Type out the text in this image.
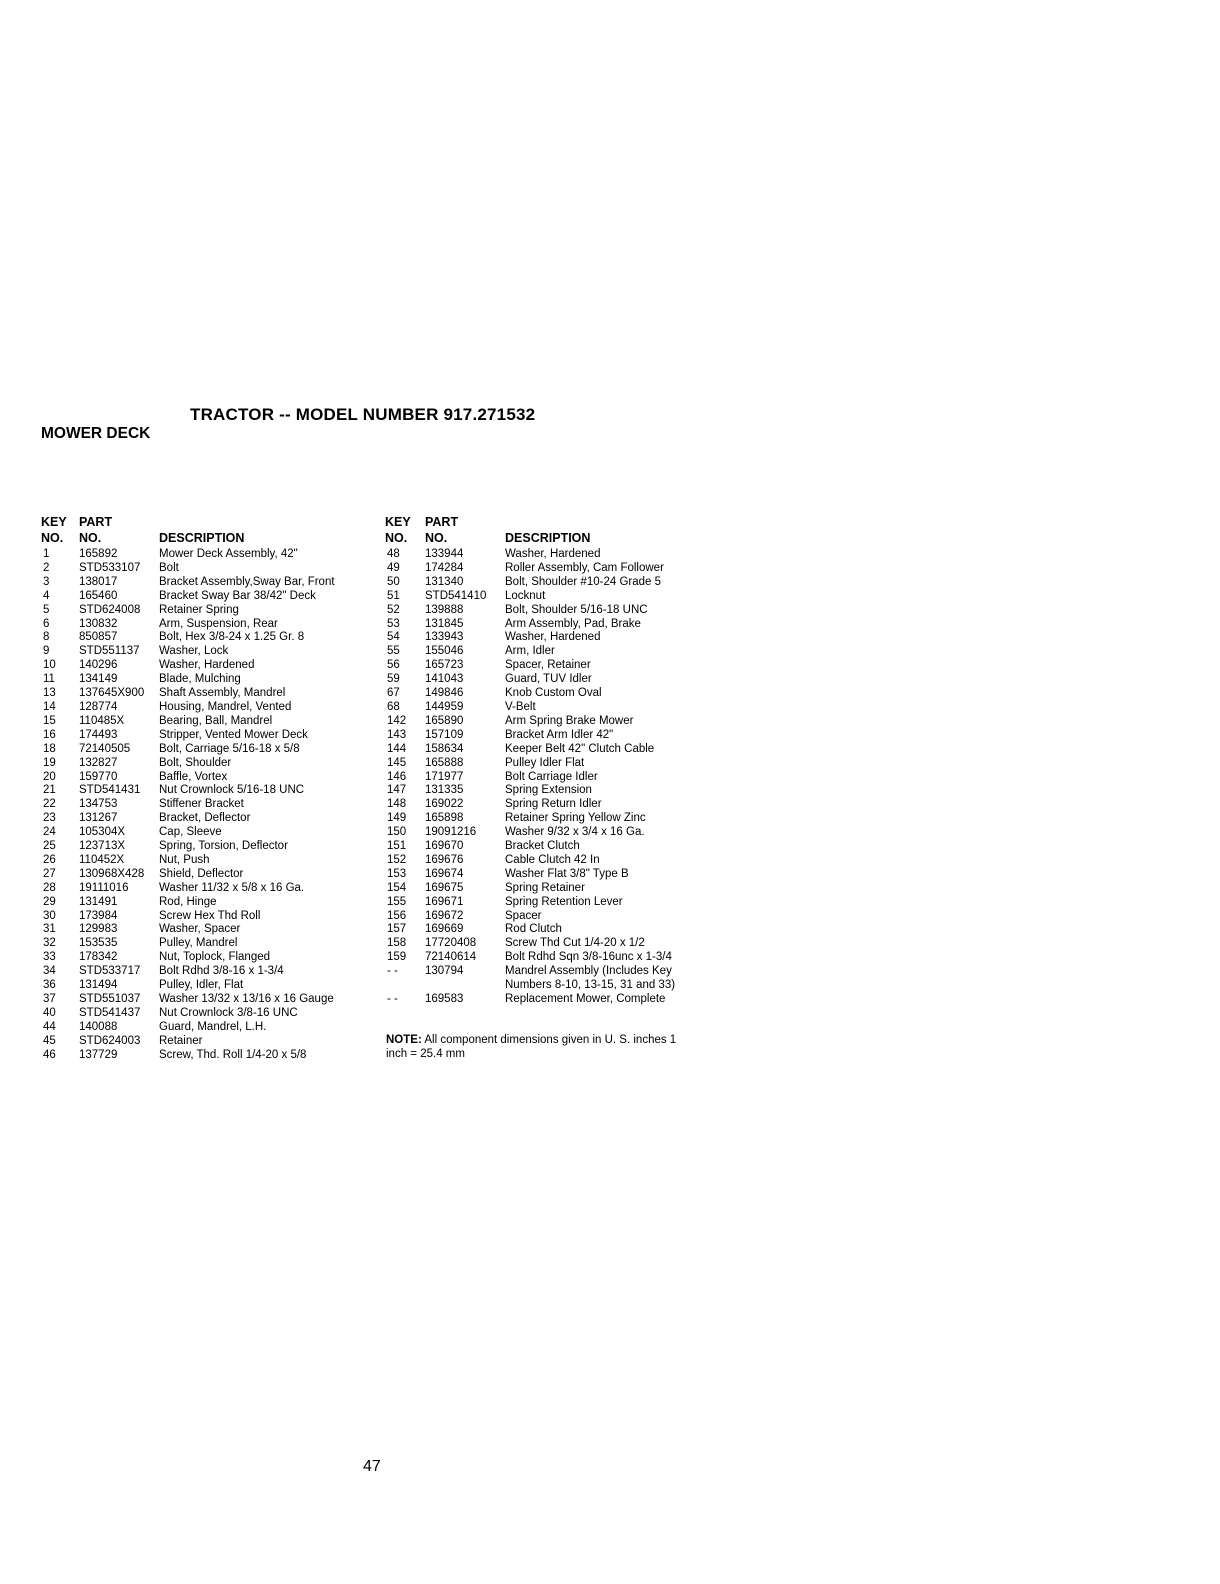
TRACTOR -- MODEL NUMBER 917.271532
MOWER DECK
KEY
NO.
PART
NO.	DESCRIPTION
1	165892	Mower Deck Assembly, 42"
2	STD533107 Bolt
3	138017	Bracket Assembly,Sway Bar, Front
4	165460	Bracket Sway Bar 38/42" Deck
5	STD624008 Retainer Spring
6	130832	Arm, Suspension, Rear
8	850857	Bolt, Hex 3/8-24 x 1.25 Gr. 8
9	STD551137 Washer, Lock
10 140296	Washer, Hardened
11 134149	Blade, Mulching
13 137645X900 Shaft Assembly, Mandrel
14 128774	Housing, Mandrel, Vented
15 110485X	Bearing, Ball, Mandrel
16 174493	Stripper, Vented Mower Deck
18 72140505	Bolt, Carriage 5/16-18 x 5/8
19 132827	Bolt, Shoulder
20 159770	Baffle, Vortex
21 STD541431 Nut Crownlock 5/16-18 UNC
22 134753	Stiffener Bracket
23 131267	Bracket, Deflector
24 105304X	Cap, Sleeve
25 123713X	Spring, Torsion, Deflector
26 110452X	Nut, Push
27 130968X428 Shield, Deflector
28 19111016	Washer 11/32 x 5/8 x 16 Ga.
29 131491	Rod, Hinge
30 173984	Screw Hex Thd Roll
31 129983	Washer, Spacer
32 153535	Pulley, Mandrel
33 178342	Nut, Toplock, Flanged
34 STD533717 Bolt Rdhd 3/8-16 x 1-3/4
36 131494	Pulley, Idler, Flat
37 STD551037 Washer 13/32 x 13/16 x 16 Gauge
40 STD541437 Nut Crownlock 3/8-16 UNC
44 140088	Guard, Mandrel, L.H.
45 STD624003 Retainer
46 137729	Screw, Thd. Roll 1/4-20 x 5/8
KEY
NO.
PART
NO.	DESCRIPTION
48 133944	Washer, Hardened
49 174284	Roller Assembly, Cam Follower
50 131340	Bolt, Shoulder #10-24 Grade 5
51 STD541410 Locknut
52 139888	Bolt, Shoulder 5/16-18 UNC
53 131845	Arm Assembly, Pad, Brake
54 133943	Washer, Hardened
55 155046	Arm, Idler
56 165723	Spacer, Retainer
59 141043	Guard, TUV Idler
67 149846	Knob Custom Oval
68 144959	V-Belt
142 165890	Arm Spring Brake Mower
143 157109	Bracket Arm Idler 42"
144 158634	Keeper Belt 42" Clutch Cable
145 165888	Pulley Idler Flat
146 171977	Bolt Carriage Idler
147 131335	Spring Extension
148 169022	Spring Return Idler
149 165898	Retainer Spring Yellow Zinc
150 19091216	Washer 9/32 x 3/4 x 16 Ga.
151 169670	Bracket Clutch
152 169676	Cable Clutch 42 In
153 169674	Washer Flat 3/8" Type B
154 169675	Spring Retainer
155 169671	Spring Retention Lever
156 169672	Spacer
157 169669	Rod Clutch
158 17720408	Screw Thd Cut 1/4-20 x 1/2
159 72140614	Bolt Rdhd Sqn 3/8-16unc x 1-3/4
- - 130794	Mandrel Assembly (Includes Key Numbers 8-10, 13-15, 31 and 33)
- - 169583	Replacement Mower, Complete
NOTE: All component dimensions given in U. S. inches 1 inch = 25.4 mm
47
